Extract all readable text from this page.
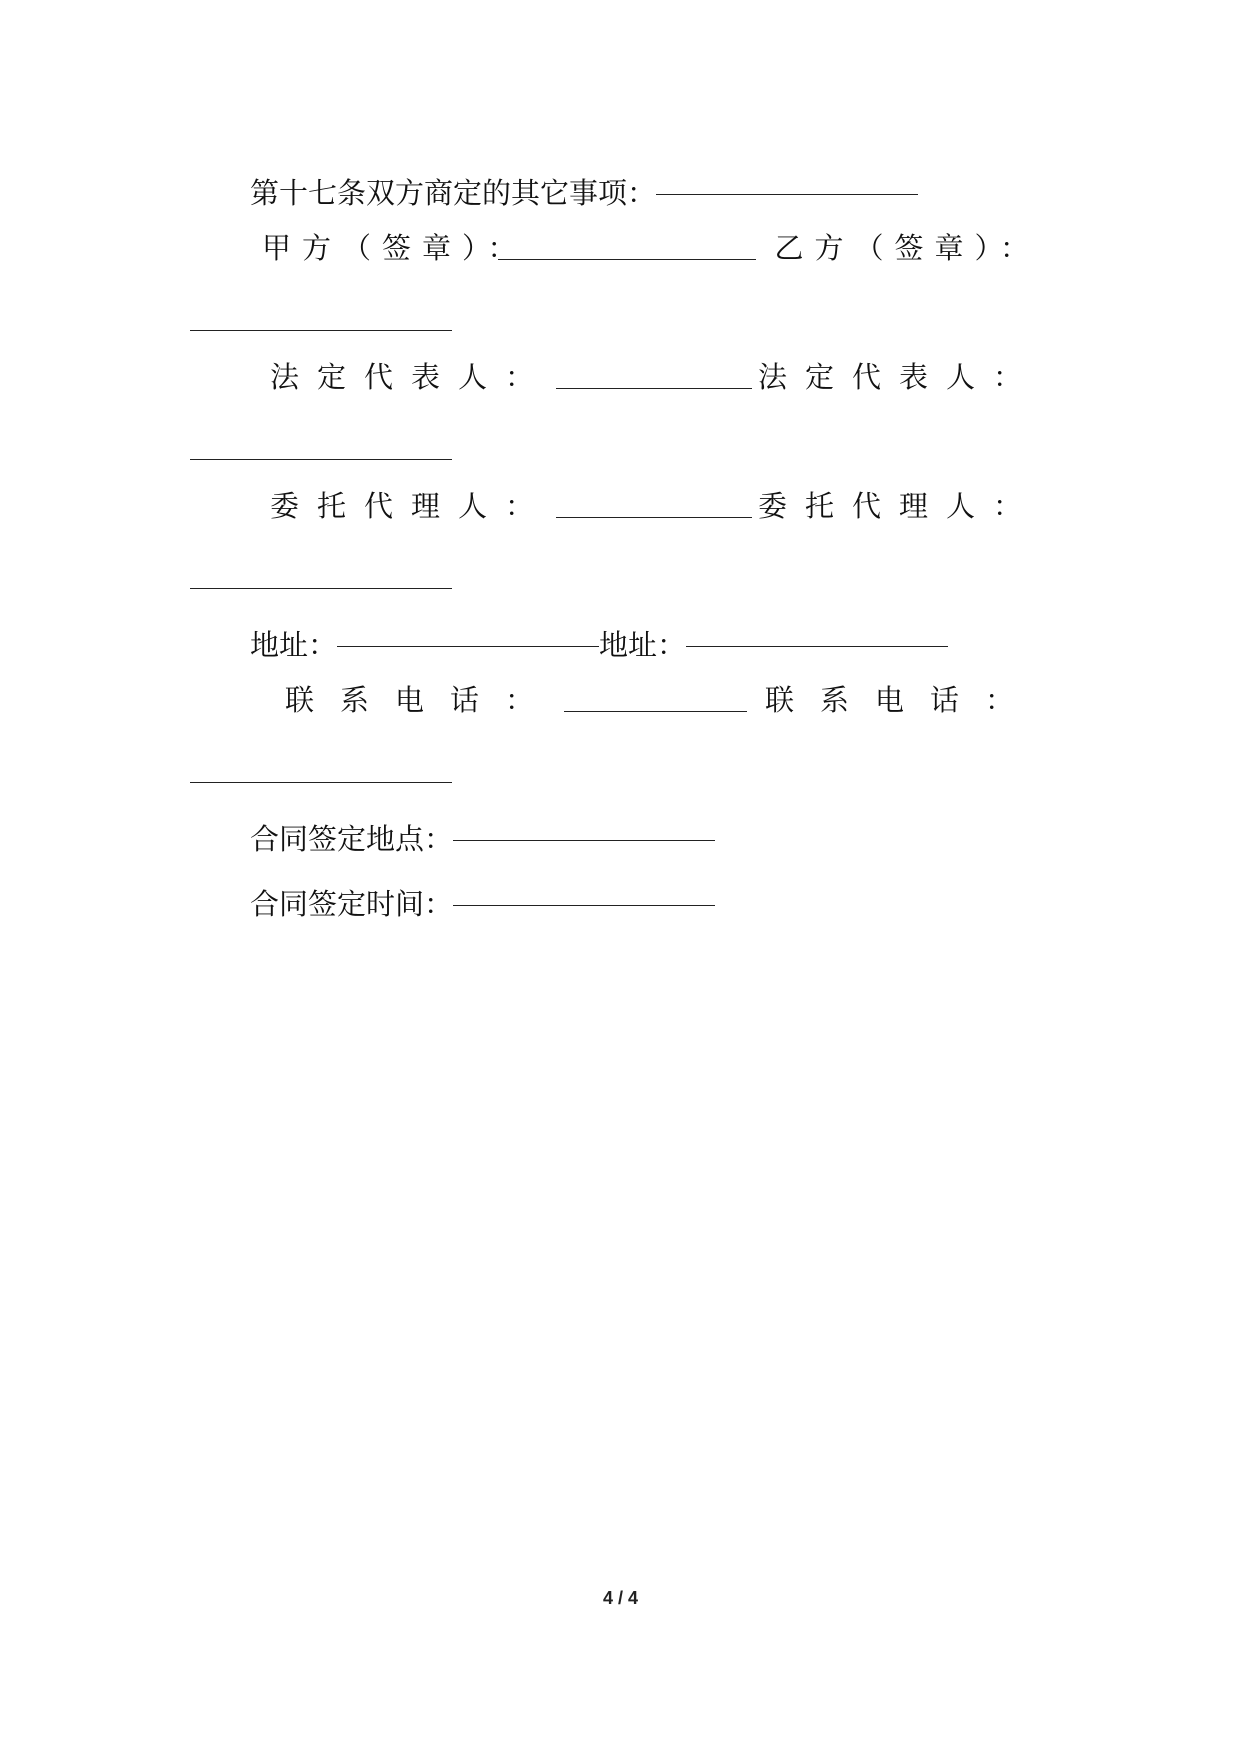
第十七条双方商定的其它事项：
甲方（签章）：	乙方（签章）：
法定代表人：	法定代表人：
委托代理人：	委托代理人：
地址：	地址：
联系电话：	联系电话：
合同签定地点：
合同签定时间：
4 / 4
